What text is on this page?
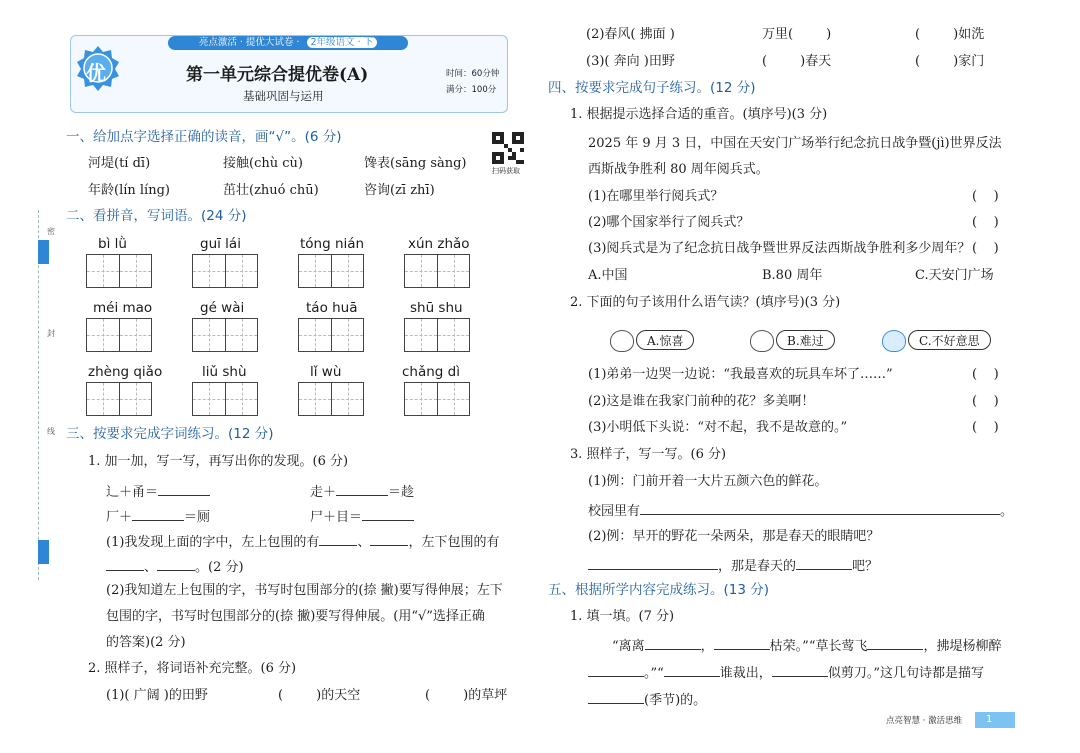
亮点激活 · 提优大试卷 · 2年级语文 · 下
优	第一单元综合提优卷(A)
基础巩固与运用
时间：60分钟
满分：100分
扫码获取
密
封
线
一、给加点字选择正确的读音，画“√”。(6 分)
河堤(tí dī)	接触(chù cù)	馋表(sāng sàng)
年龄(lín líng)	茁壮(zhuó chū)	咨询(zī zhī)
二、看拼音，写词语。(24 分)
bì lǜ	guī lái	tóng nián	xún zhǎo
méi mao	gé wài	táo huā	shū shu
zhèng qiǎo	liǔ shù	lǐ wù	chǎng dì
三、按要求完成字词练习。(12 分)
1. 加一加，写一写，再写出你的发现。(6 分)
辶＋甬＝	走＋	＝趁
厂＋	＝厕	尸＋目＝
(1)我发现上面的字中，左上包围的有	、	，左下包围的有
、	。(2 分)
(2)我知道左上包围的字，书写时包围部分的(捺 撇)要写得伸展；左下
包围的字，书写时包围部分的(捺 撇)要写得伸展。(用“√”选择正确
的答案)(2 分)
2. 照样子，将词语补充完整。(6 分)
(1)( 广阔 )的田野	(        )的天空	(        )的草坪
(2)春风( 拂面 )	万里(        )	(        )如洗
(3)( 奔向 )田野	(        )春天	(        )家门
四、按要求完成句子练习。(12 分)
1. 根据提示选择合适的重音。(填序号)(3 分)
2025 年 9 月 3 日，中国在天安门广场举行纪念抗日战争暨(jì)世界反法
西斯战争胜利 80 周年阅兵式。
(1)在哪里举行阅兵式？	(    )
(2)哪个国家举行了阅兵式？	(    )
(3)阅兵式是为了纪念抗日战争暨世界反法西斯战争胜利多少周年？ (    )
A.中国	B.80 周年	C.天安门广场
2. 下面的句子该用什么语气读？(填序号)(3 分)
A.惊喜	B.难过	C.不好意思
(1)弟弟一边哭一边说：“我最喜欢的玩具车坏了……”	(    )
(2)这是谁在我家门前种的花？多美啊！	(    )
(3)小明低下头说：“对不起，我不是故意的。”	(    )
3. 照样子，写一写。(6 分)
(1)例：门前开着一大片五颜六色的鲜花。
校园里有	。
(2)例：早开的野花一朵两朵，那是春天的眼睛吧？
，那是春天的	吧？
五、根据所学内容完成练习。(13 分)
1. 填一填。(7 分)
“离离	，	枯荣。”“草长莺飞	，拂堤杨柳醉
。”“	谁裁出，	似剪刀。”这几句诗都是描写
(季节)的。
点亮智慧 · 激活思维 1
